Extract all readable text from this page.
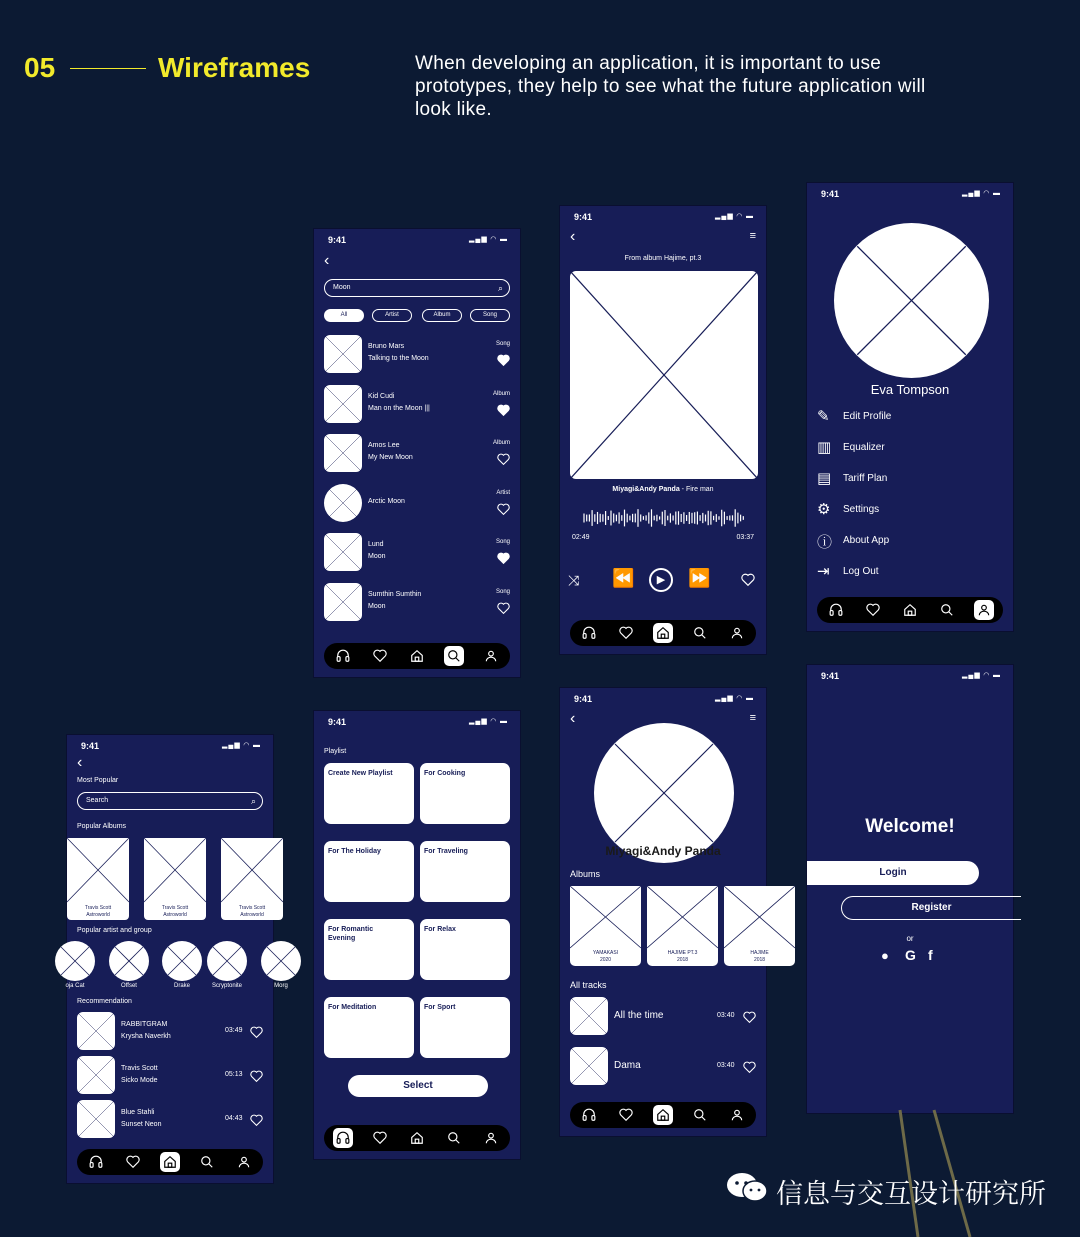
05	Wireframes	When developing an application, it is important to use prototypes, they help to see what the future application will look like.
9:41	▂▄▆ ◠ ▬
‹
Moon	⌕
All	Artist	Album	Song
Bruno Mars
Talking to the Moon
Song
Kid Cudi
Man on the Moon |||
Album
Amos Lee
My New Moon
Album
Arctic Moon
Artist
Lund
Moon
Song
Sumthin Sumthin
Moon
Song
9:41	▂▄▆ ◠ ▬
‹	≡
From album Hajime, pt.3
Miyagi&Andy Panda - Fire man
02:49	03:37
⤨ ⏪	▶	⏩
9:41	▂▄▆ ◠ ▬
Eva Tompson
✎ Edit Profile
▥ Equalizer
▤ Tariff Plan
⚙ Settings
ⓘ About App
⇥ Log Out
9:41	▂▄▆ ◠ ▬
Welcome!
Login
Register
or
● G f
9:41	▂▄▆ ◠ ▬
‹
Most Popular
Search	⌕
Popular Albums
Travis Scott
Astroworld
Travis Scott
Astroworld
Travis Scott
Astroworld
Popular artist and group
oja Cat	Offset	Drake	Scryptonite	Morg
Recommendation
RABBITGRAM
Krysha Naverkh
03:49
Travis Scott
Sicko Mode
05:13
Blue Stahli
Sunset Neon
04:43
9:41	▂▄▆ ◠ ▬
Playlist
Create New Playlist	For Cooking
For The Holiday	For Traveling
For Romantic Evening
For Relax
For Meditation	For Sport
Select
9:41	▂▄▆ ◠ ▬
‹	≡
Miyagi&Andy Panda
Albums
YAMAKASI
2020
HAJIME PT.3
2018
HAJIME
2018
All tracks
All the time	03:40
Dama	03:40
信息与交互设计研究所
